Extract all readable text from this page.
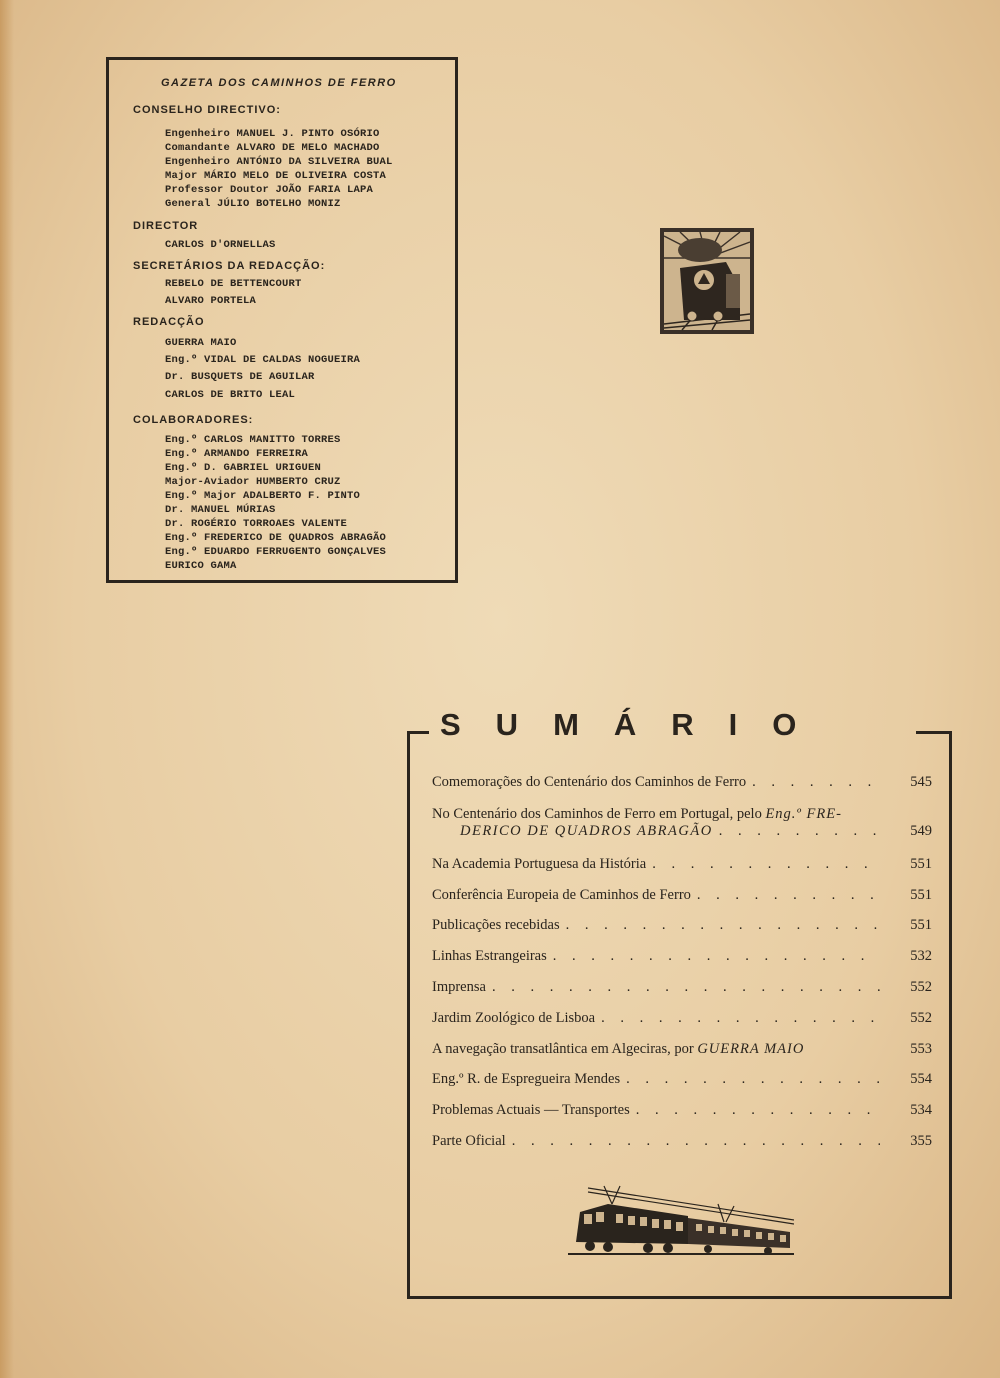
GAZETA DOS CAMINHOS DE FERRO
CONSELHO DIRECTIVO:
Engenheiro MANUEL J. PINTO OSÓRIO
Comandante ALVARO DE MELO MACHADO
Engenheiro ANTÓNIO DA SILVEIRA BUAL
Major MÁRIO MELO DE OLIVEIRA COSTA
Professor Doutor JOÃO FARIA LAPA
General JÚLIO BOTELHO MONIZ
DIRECTOR
CARLOS D'ORNELLAS
SECRETÁRIOS DA REDACÇÃO:
REBELO DE BETTENCOURT
ALVARO PORTELA
REDACÇÃO
GUERRA MAIO
Eng.º VIDAL DE CALDAS NOGUEIRA
Dr. BUSQUETS DE AGUILAR
CARLOS DE BRITO LEAL
COLABORADORES:
Eng.º CARLOS MANITTO TORRES
Eng.º ARMANDO FERREIRA
Eng.º D. GABRIEL URIGUEN
Major-Aviador HUMBERTO CRUZ
Eng.º Major ADALBERTO F. PINTO
Dr. MANUEL MÚRIAS
Dr. ROGÉRIO TORROAES VALENTE
Eng.º FREDERICO DE QUADROS ABRAGÃO
Eng.º EDUARDO FERRUGENTO GONÇALVES
EURICO GAMA
SUMÁRIO
Comemorações do Centenário dos Caminhos de Ferro . . .	545
No Centenário dos Caminhos de Ferro em Portugal, pelo Eng.º FRE-
DERICO DE QUADROS ABRAGÃO . . .	549
Na Academia Portuguesa da História . . .	551
Conferência Europeia de Caminhos de Ferro . . .	551
Publicações recebidas . . .	551
Linhas Estrangeiras . . .	532
Imprensa . . .	552
Jardim Zoológico de Lisboa . . .	552
A navegação transatlântica em Algeciras, por GUERRA MAIO	553
Eng.º R. de Espregueira Mendes . . .	554
Problemas Actuais — Transportes . . .	534
Parte Oficial . . .	355
